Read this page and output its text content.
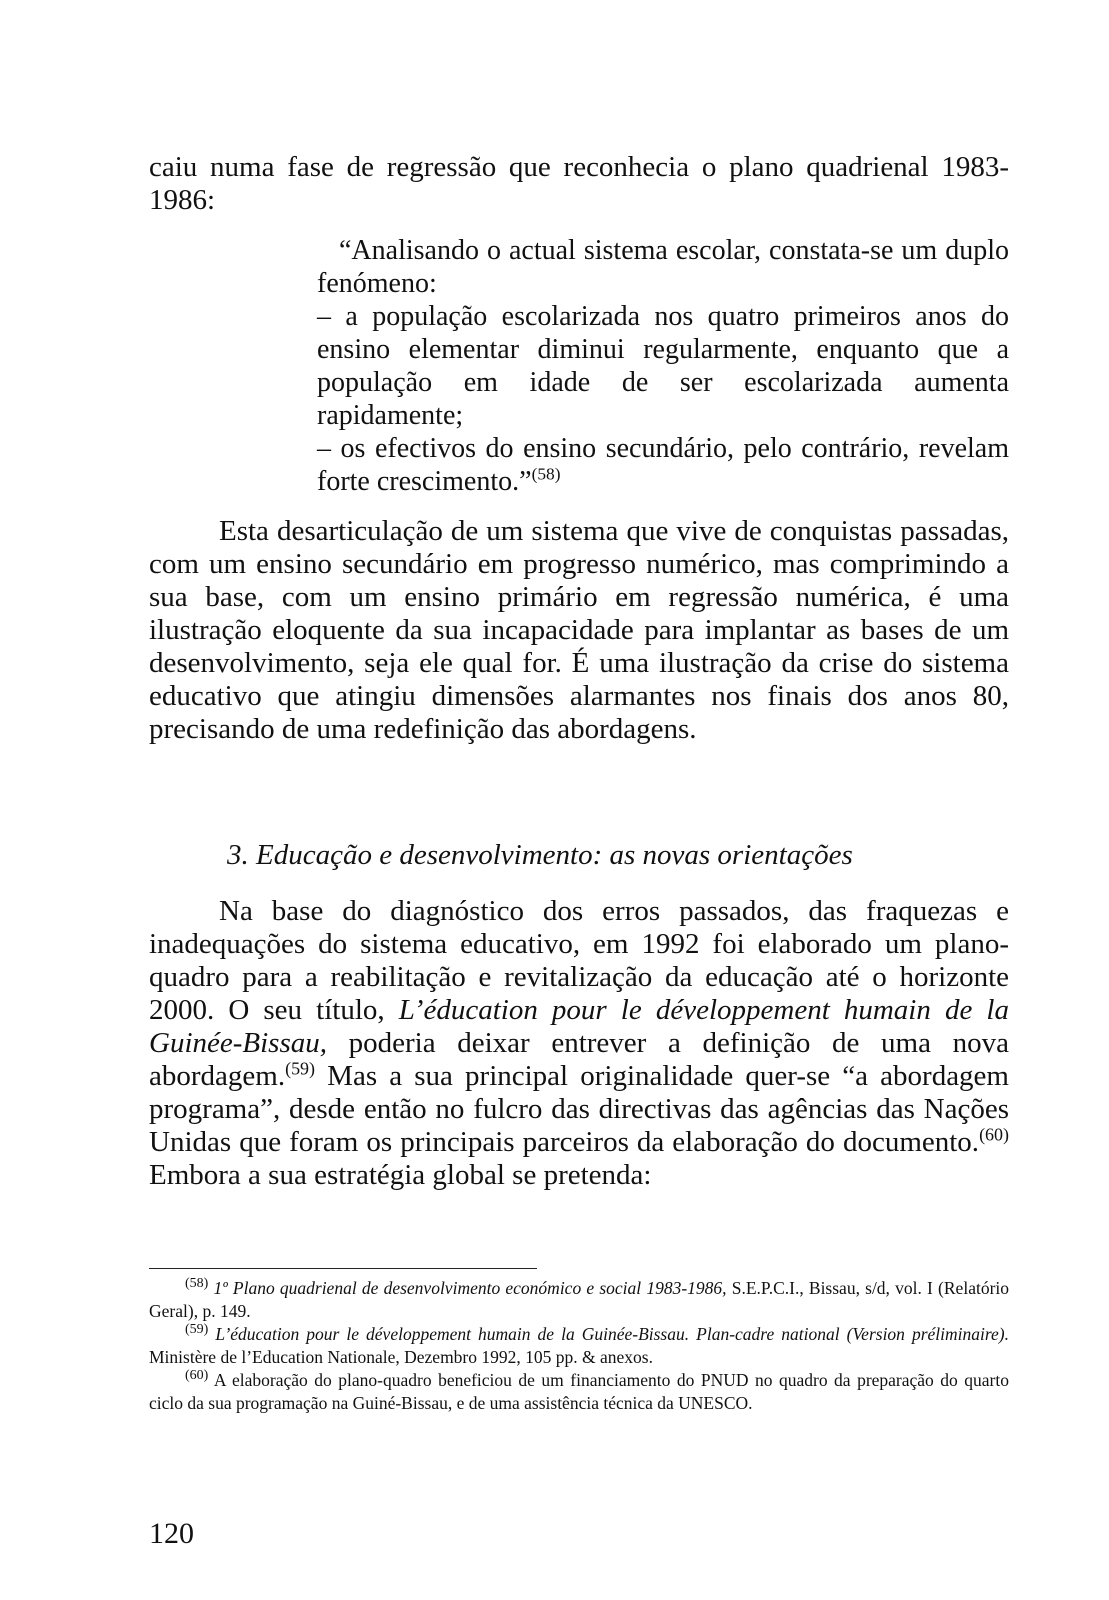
caiu numa fase de regressão que reconhecia o plano quadrienal 1983-1986:

“Analisando o actual sistema escolar, constata-se um duplo fenómeno:

– a população escolarizada nos quatro primeiros anos do ensino elementar diminui regularmente, enquanto que a população em idade de ser escolarizada aumenta rapidamente;

– os efectivos do ensino secundário, pelo contrário, revelam forte crescimento.”$^{(58)}$

Esta desarticulação de um sistema que vive de conquistas passadas, com um ensino secundário em progresso numérico, mas comprimindo a sua base, com um ensino primário em regressão numérica, é uma ilustração eloquente da sua incapacidade para implantar as bases de um desenvolvimento, seja ele qual for. É uma ilustração da crise do sistema educativo que atingiu dimensões alarmantes nos finais dos anos 80, precisando de uma redefinição das abordagens.

3. Educação e desenvolvimento: as novas orientações

Na base do diagnóstico dos erros passados, das fraquezas e inadequações do sistema educativo, em 1992 foi elaborado um plano-quadro para a reabilitação e revitalização da educação até o horizonte 2000. O seu título, L’éducation pour le développement humain de la Guinée-Bissau, poderia deixar entrever a definição de uma nova abordagem.$^{(59)}$ Mas a sua principal originalidade quer-se “a abordagem programa”, desde então no fulcro das directivas das agências das Nações Unidas que foram os principais parceiros da elaboração do documento.$^{(60)}$ Embora a sua estratégia global se pretenda:

$^{(58)}$ 1º Plano quadrienal de desenvolvimento económico e social 1983-1986, S.E.P.C.I., Bissau, s/d, vol. I (Relatório Geral), p. 149.

$^{(59)}$ L’éducation pour le développement humain de la Guinée-Bissau. Plan-cadre national (Version préliminaire). Ministère de l’Education Nationale, Dezembro 1992, 105 pp. & anexos.

$^{(60)}$ A elaboração do plano-quadro beneficiou de um financiamento do PNUD no quadro da preparação do quarto ciclo da sua programação na Guiné-Bissau, e de uma assistência técnica da UNESCO.

120
